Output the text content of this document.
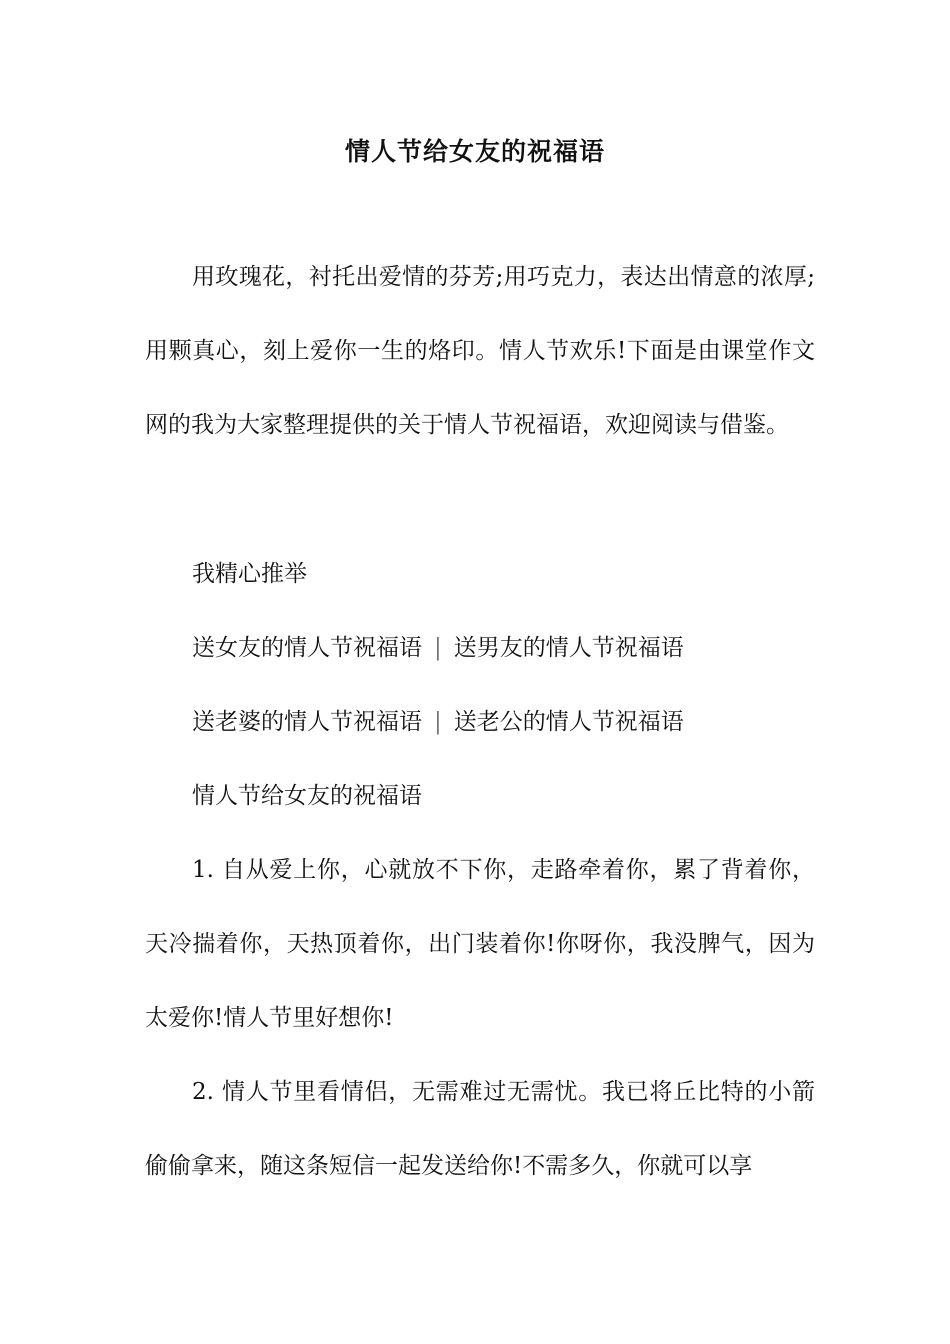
情人节给女友的祝福语

用玫瑰花，衬托出爱情的芬芳;用巧克力，表达出情意的浓厚;用颗真心，刻上爱你一生的烙印。情人节欢乐!下面是由课堂作文网的我为大家整理提供的关于情人节祝福语，欢迎阅读与借鉴。

我精心推举

送女友的情人节祝福语 | 送男友的情人节祝福语

送老婆的情人节祝福语 | 送老公的情人节祝福语

情人节给女友的祝福语

1. 自从爱上你，心就放不下你，走路牵着你，累了背着你，天冷揣着你，天热顶着你，出门装着你!你呀你，我没脾气，因为太爱你!情人节里好想你!

2. 情人节里看情侣，无需难过无需忧。我已将丘比特的小箭偷偷拿来，随这条短信一起发送给你!不需多久，你就可以享
